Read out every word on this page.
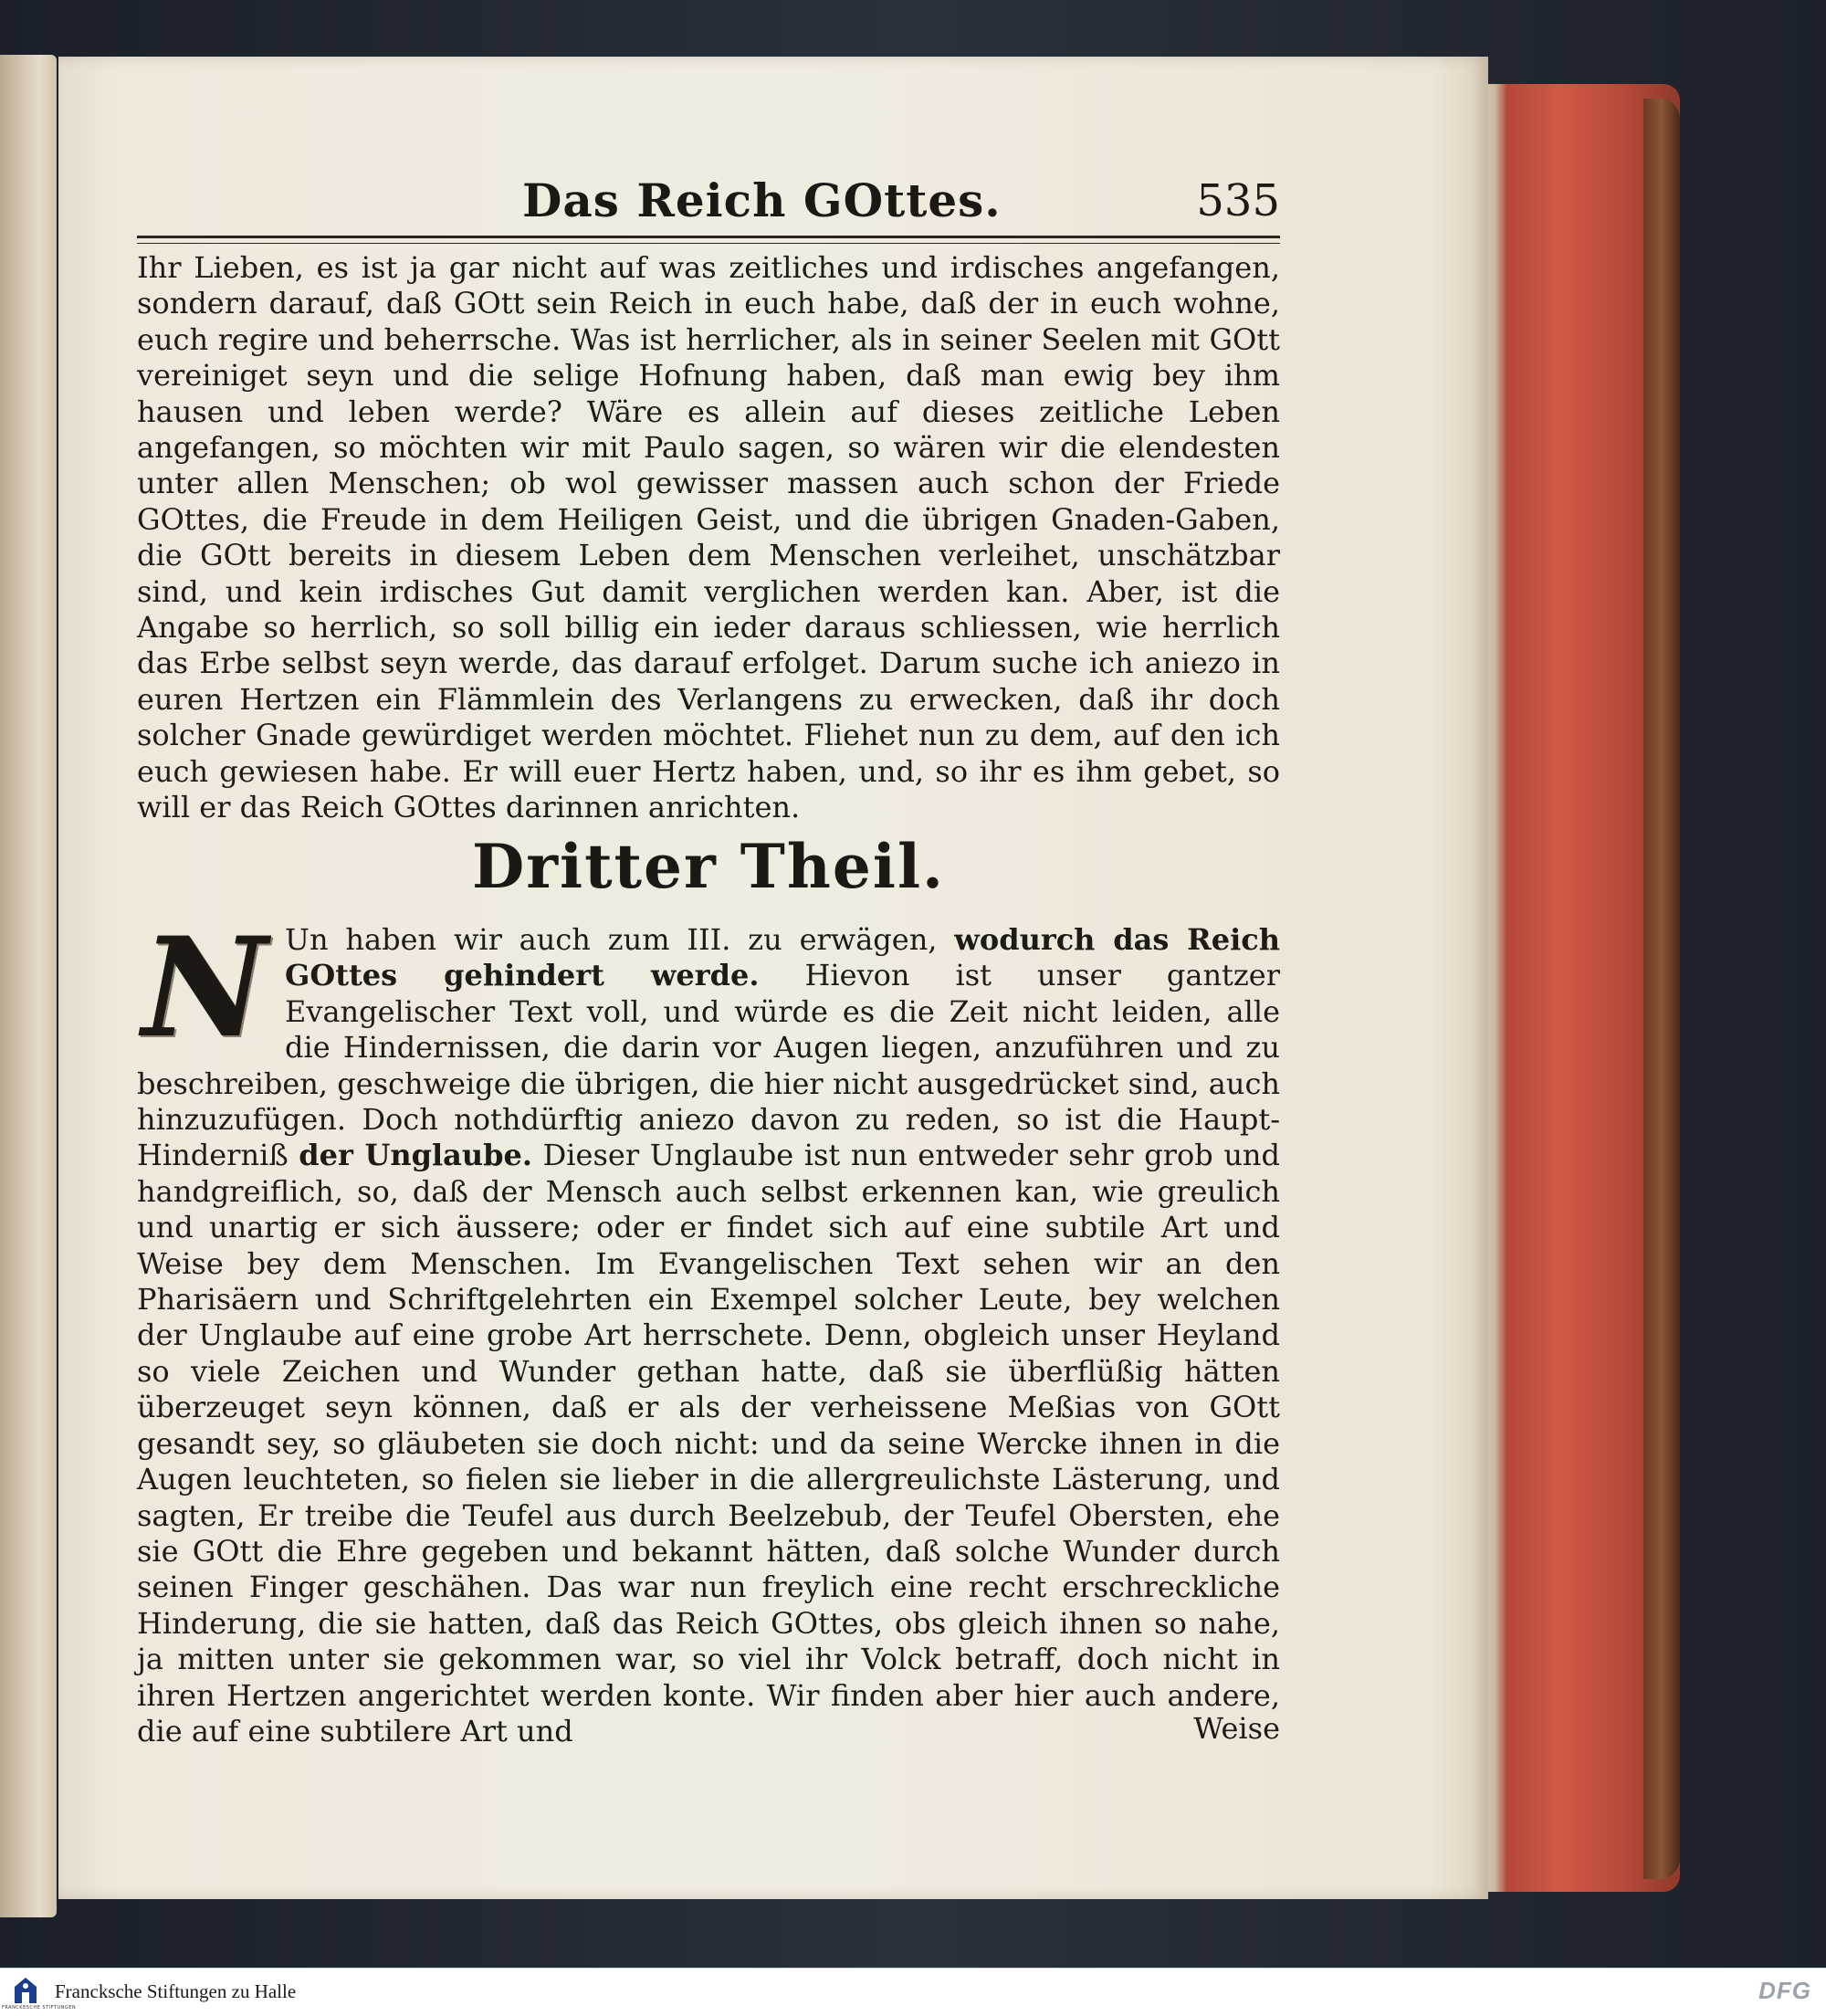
Das Reich GOttes.	535

Ihr Lieben, es ist ja gar nicht auf was zeitliches und irdisches angefangen, sondern darauf, daß GOtt sein Reich in euch habe, daß der in euch wohne, euch regire und beherrsche. Was ist herrlicher, als in seiner Seelen mit GOtt vereiniget seyn und die selige Hofnung haben, daß man ewig bey ihm hausen und leben werde? Wäre es allein auf dieses zeitliche Leben angefangen, so möchten wir mit Paulo sagen, so wären wir die elendesten unter allen Menschen; ob wol gewisser massen auch schon der Friede GOttes, die Freude in dem Heiligen Geist, und die übrigen Gnaden-Gaben, die GOtt bereits in diesem Leben dem Menschen verleihet, unschätzbar sind, und kein irdisches Gut damit verglichen werden kan. Aber, ist die Angabe so herrlich, so soll billig ein ieder daraus schliessen, wie herrlich das Erbe selbst seyn werde, das darauf erfolget. Darum suche ich aniezo in euren Hertzen ein Flämmlein des Verlangens zu erwecken, daß ihr doch solcher Gnade gewürdiget werden möchtet. Fliehet nun zu dem, auf den ich euch gewiesen habe. Er will euer Hertz haben, und, so ihr es ihm gebet, so will er das Reich GOttes darinnen anrichten.

Dritter Theil.
N Un haben wir auch zum III. zu erwägen, wodurch das Reich GOttes gehindert werde. Hievon ist unser gantzer Evangelischer Text voll, und würde es die Zeit nicht leiden, alle die Hindernissen, die darin vor Augen liegen, anzuführen und zu beschreiben, geschweige die übrigen, die hier nicht ausgedrücket sind, auch hinzuzufügen. Doch nothdürftig aniezo davon zu reden, so ist die Haupt-Hinderniß der Unglaube. Dieser Unglaube ist nun entweder sehr grob und handgreiflich, so, daß der Mensch auch selbst erkennen kan, wie greulich und unartig er sich äussere; oder er findet sich auf eine subtile Art und Weise bey dem Menschen. Im Evangelischen Text sehen wir an den Pharisäern und Schriftgelehrten ein Exempel solcher Leute, bey welchen der Unglaube auf eine grobe Art herrschete. Denn, obgleich unser Heyland so viele Zeichen und Wunder gethan hatte, daß sie überflüßig hätten überzeuget seyn können, daß er als der verheissene Meßias von GOtt gesandt sey, so gläubeten sie doch nicht: und da seine Wercke ihnen in die Augen leuchteten, so fielen sie lieber in die allergreulichste Lästerung, und sagten, Er treibe die Teufel aus durch Beelzebub, der Teufel Obersten, ehe sie GOtt die Ehre gegeben und bekannt hätten, daß solche Wunder durch seinen Finger geschähen. Das war nun freylich eine recht erschreckliche Hinderung, die sie hatten, daß das Reich GOttes, obs gleich ihnen so nahe, ja mitten unter sie gekommen war, so viel ihr Volck betraff, doch nicht in ihren Hertzen angerichtet werden konte. Wir finden aber hier auch andere, die auf eine subtilere Art und	Weise
FRANCKESCHE STIFTUNGEN
Francksche Stiftungen zu Halle	DFG
